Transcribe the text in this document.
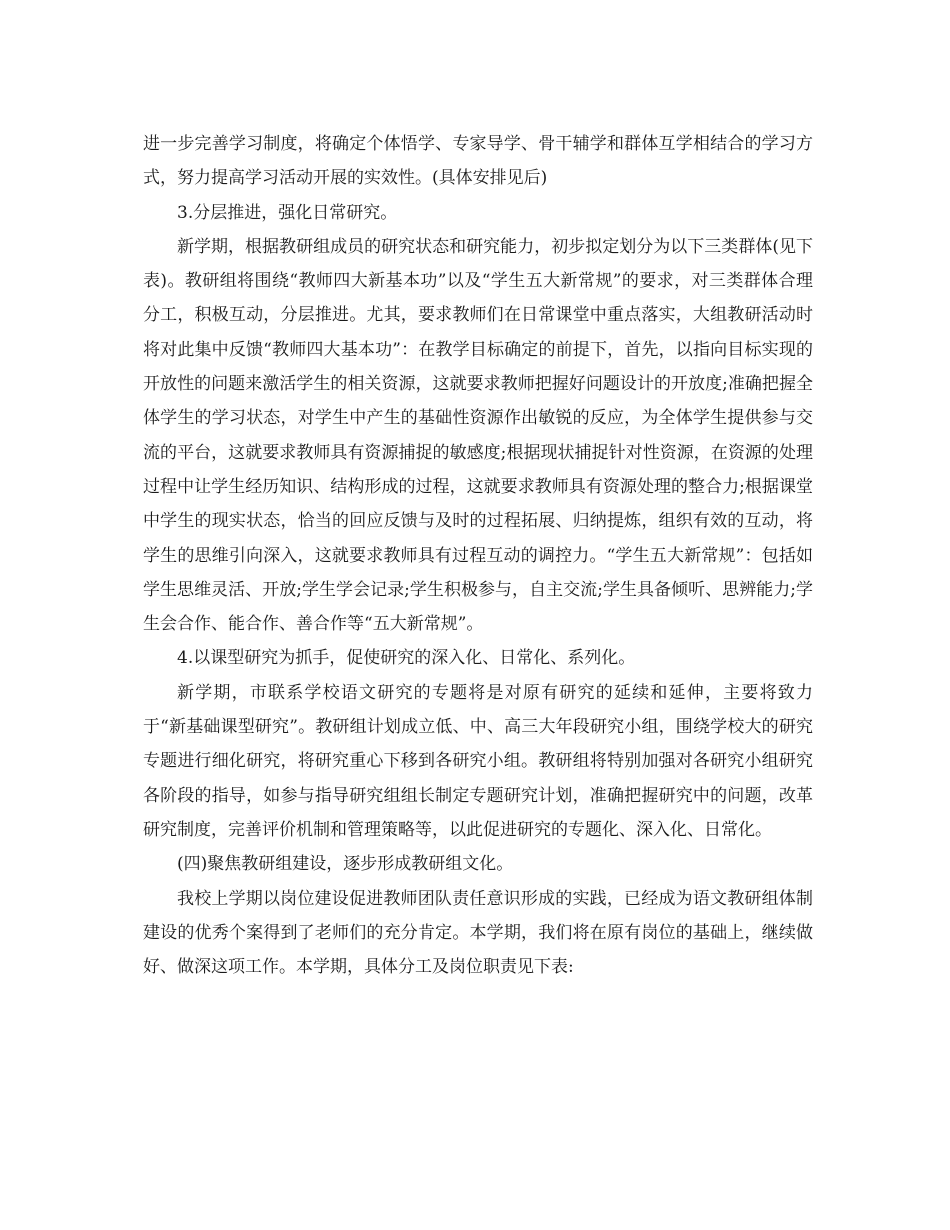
进一步完善学习制度，将确定个体悟学、专家导学、骨干辅学和群体互学相结合的学习方式，努力提高学习活动开展的实效性。(具体安排见后)

3.分层推进，强化日常研究。

新学期，根据教研组成员的研究状态和研究能力，初步拟定划分为以下三类群体(见下表)。教研组将围绕“教师四大新基本功”以及“学生五大新常规”的要求，对三类群体合理分工，积极互动，分层推进。尤其，要求教师们在日常课堂中重点落实，大组教研活动时将对此集中反馈“教师四大基本功”：在教学目标确定的前提下，首先，以指向目标实现的开放性的问题来激活学生的相关资源，这就要求教师把握好问题设计的开放度;准确把握全体学生的学习状态，对学生中产生的基础性资源作出敏锐的反应，为全体学生提供参与交流的平台，这就要求教师具有资源捕捉的敏感度;根据现状捕捉针对性资源，在资源的处理过程中让学生经历知识、结构形成的过程，这就要求教师具有资源处理的整合力;根据课堂中学生的现实状态，恰当的回应反馈与及时的过程拓展、归纳提炼，组织有效的互动，将学生的思维引向深入，这就要求教师具有过程互动的调控力。“学生五大新常规”：包括如学生思维灵活、开放;学生学会记录;学生积极参与，自主交流;学生具备倾听、思辨能力;学生会合作、能合作、善合作等“五大新常规”。

4.以课型研究为抓手，促使研究的深入化、日常化、系列化。

新学期，市联系学校语文研究的专题将是对原有研究的延续和延伸，主要将致力于“新基础课型研究”。教研组计划成立低、中、高三大年段研究小组，围绕学校大的研究专题进行细化研究，将研究重心下移到各研究小组。教研组将特别加强对各研究小组研究各阶段的指导，如参与指导研究组组长制定专题研究计划，准确把握研究中的问题，改革研究制度，完善评价机制和管理策略等，以此促进研究的专题化、深入化、日常化。

(四)聚焦教研组建设，逐步形成教研组文化。

我校上学期以岗位建设促进教师团队责任意识形成的实践，已经成为语文教研组体制建设的优秀个案得到了老师们的充分肯定。本学期，我们将在原有岗位的基础上，继续做好、做深这项工作。本学期，具体分工及岗位职责见下表:
